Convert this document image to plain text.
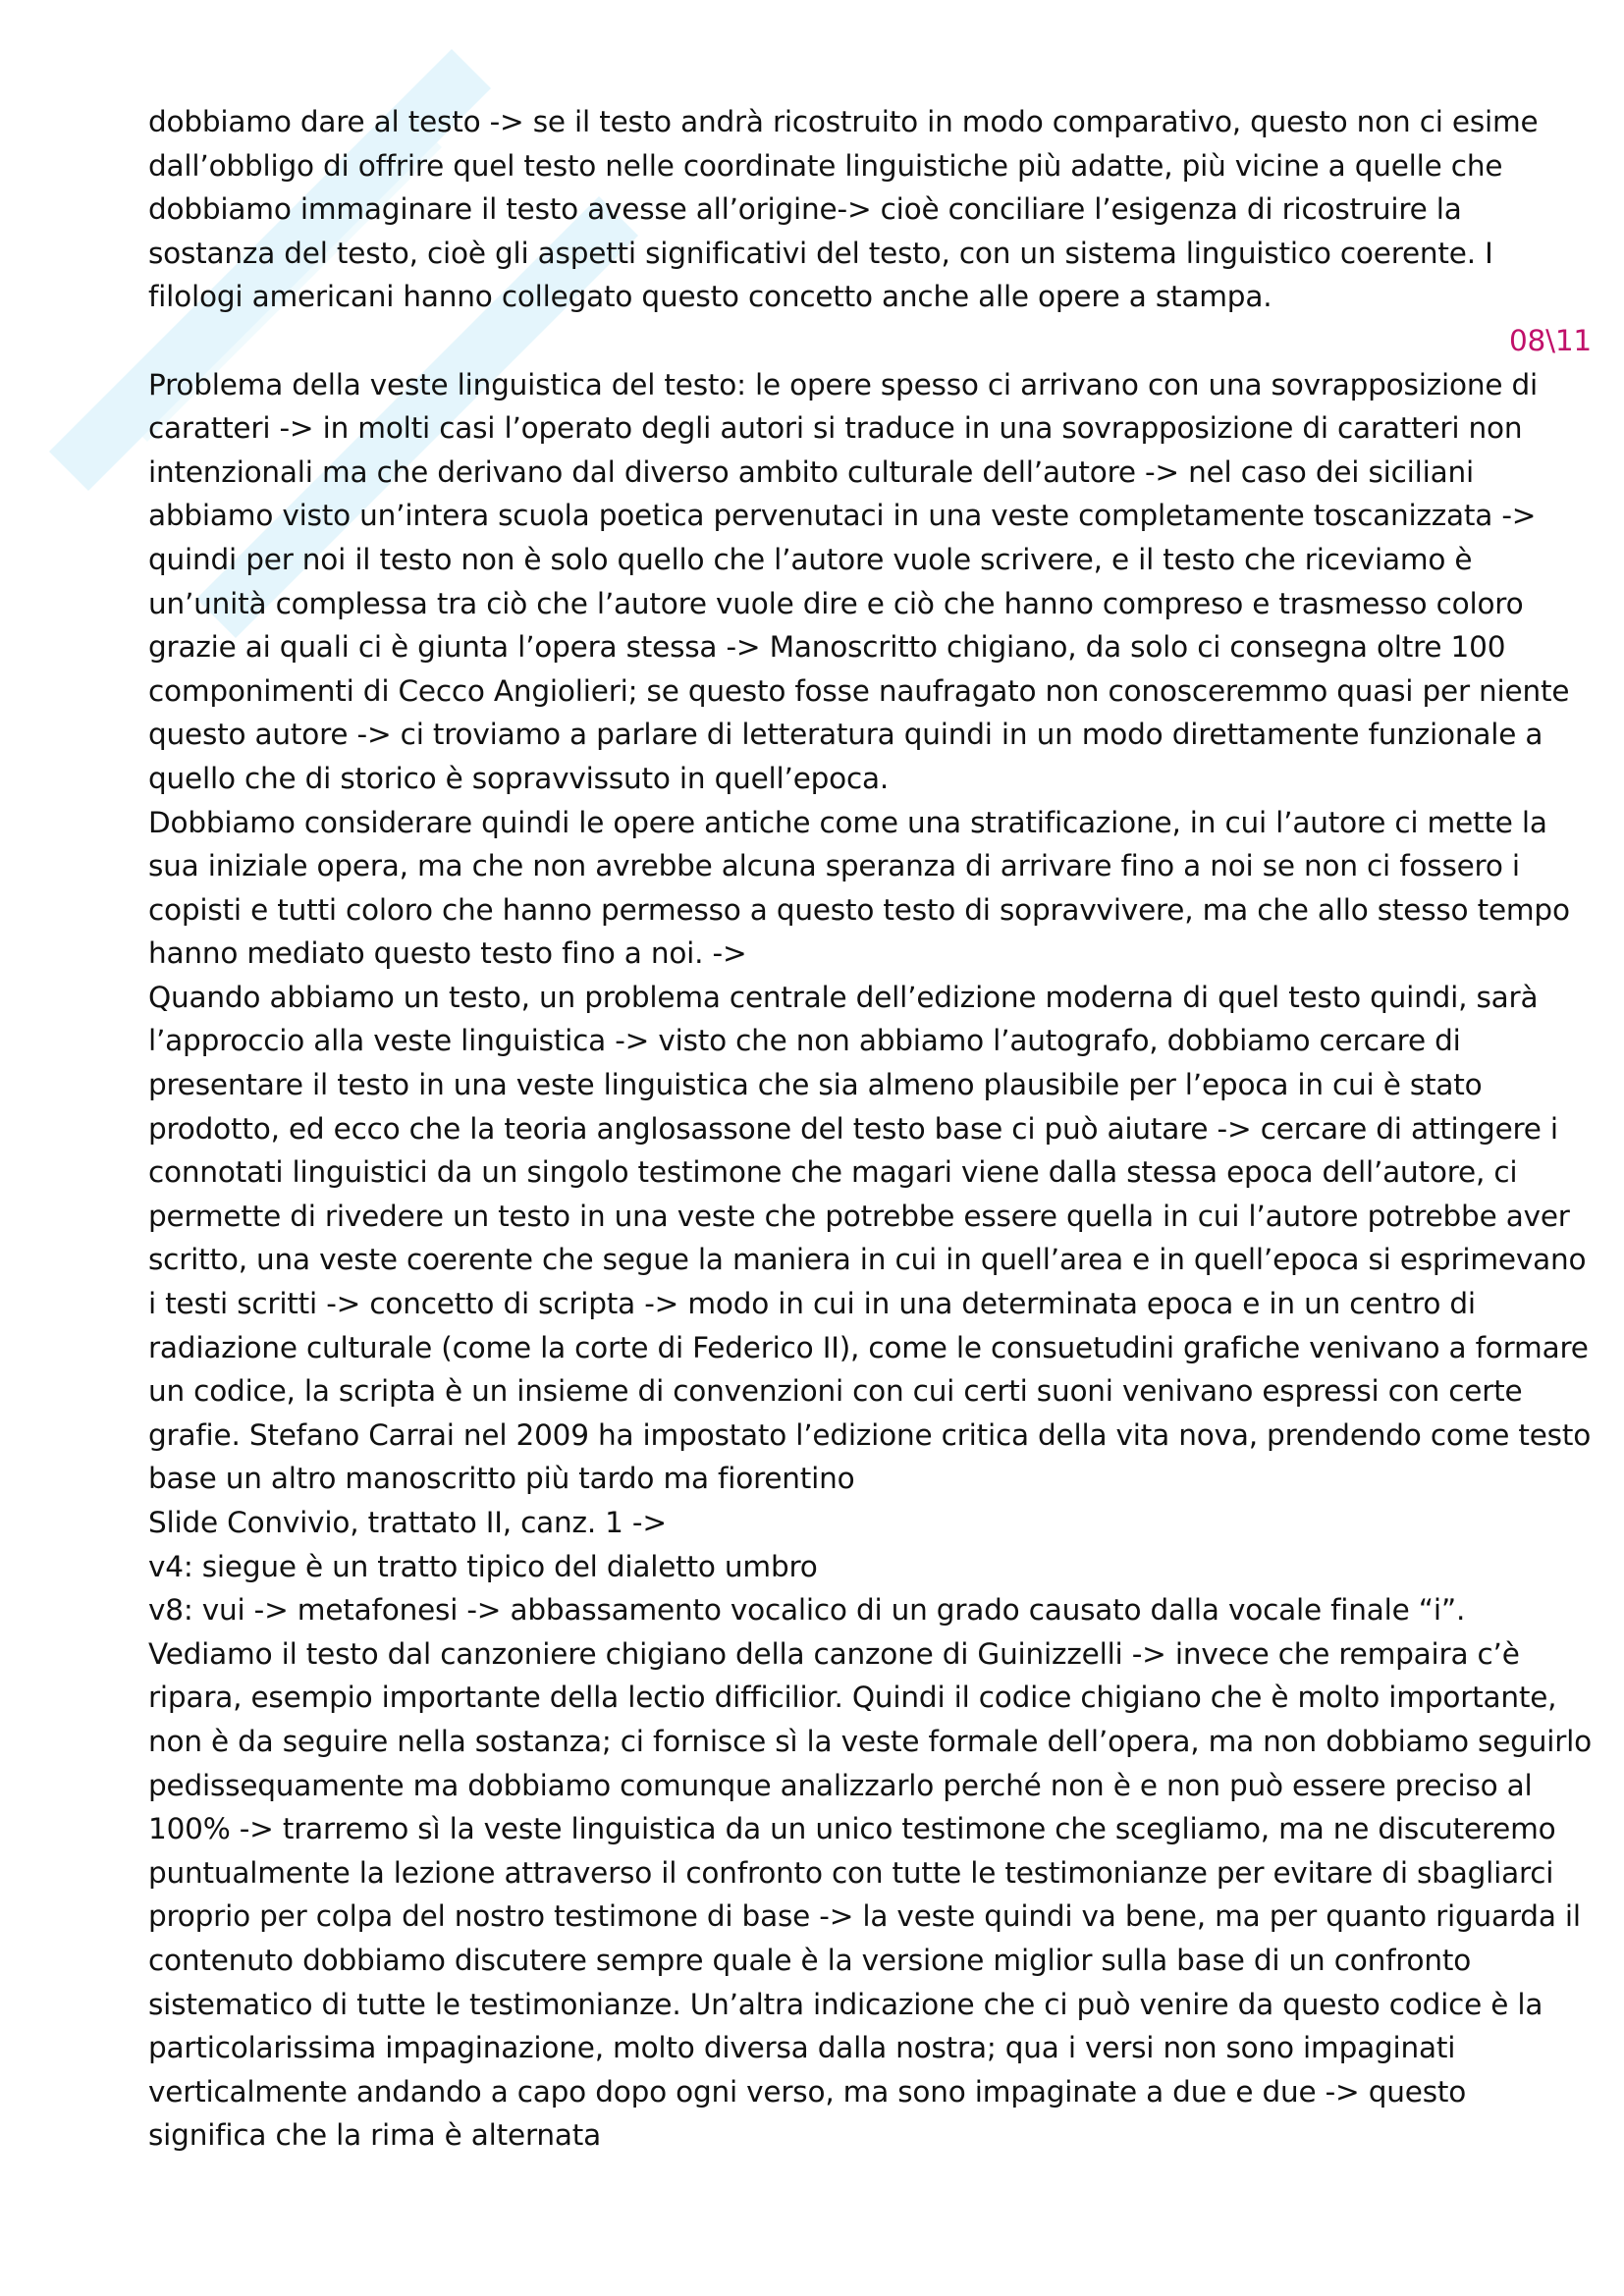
dobbiamo dare al testo -> se il testo andrà ricostruito in modo comparativo, questo non ci esime dall’obbligo di offrire quel testo nelle coordinate linguistiche più adatte, più vicine a quelle che dobbiamo immaginare il testo avesse all’origine-> cioè conciliare l’esigenza di ricostruire la sostanza del testo, cioè gli aspetti significativi del testo, con un sistema linguistico coerente. I filologi americani hanno collegato questo concetto anche alle opere a stampa.

08\11

Problema della veste linguistica del testo: le opere spesso ci arrivano con una sovrapposizione di caratteri -> in molti casi l’operato degli autori si traduce in una sovrapposizione di caratteri non intenzionali ma che derivano dal diverso ambito culturale dell’autore -> nel caso dei siciliani abbiamo visto un’intera scuola poetica pervenutaci in una veste completamente toscanizzata -> quindi per noi il testo non è solo quello che l’autore vuole scrivere, e il testo che riceviamo è un’unità complessa tra ciò che l’autore vuole dire e ciò che hanno compreso e trasmesso coloro grazie ai quali ci è giunta l’opera stessa -> Manoscritto chigiano, da solo ci consegna oltre 100 componimenti di Cecco Angiolieri; se questo fosse naufragato non conosceremmo quasi per niente questo autore -> ci troviamo a parlare di letteratura quindi in un modo direttamente funzionale a quello che di storico è sopravvissuto in quell’epoca.

Dobbiamo considerare quindi le opere antiche come una stratificazione, in cui l’autore ci mette la sua iniziale opera, ma che non avrebbe alcuna speranza di arrivare fino a noi se non ci fossero i copisti e tutti coloro che hanno permesso a questo testo di sopravvivere, ma che allo stesso tempo hanno mediato questo testo fino a noi. ->

Quando abbiamo un testo, un problema centrale dell’edizione moderna di quel testo quindi, sarà l’approccio alla veste linguistica -> visto che non abbiamo l’autografo, dobbiamo cercare di presentare il testo in una veste linguistica che sia almeno plausibile per l’epoca in cui è stato prodotto, ed ecco che la teoria anglosassone del testo base ci può aiutare -> cercare di attingere i connotati linguistici da un singolo testimone che magari viene dalla stessa epoca dell’autore, ci permette di rivedere un testo in una veste che potrebbe essere quella in cui l’autore potrebbe aver scritto, una veste coerente che segue la maniera in cui in quell’area e in quell’epoca si esprimevano i testi scritti -> concetto di scripta -> modo in cui in una determinata epoca e in un centro di radiazione culturale (come la corte di Federico II), come le consuetudini grafiche venivano a formare un codice, la scripta è un insieme di convenzioni con cui certi suoni venivano espressi con certe grafie. Stefano Carrai nel 2009 ha impostato l’edizione critica della vita nova, prendendo come testo base un altro manoscritto più tardo ma fiorentino

Slide Convivio, trattato II, canz. 1 ->

v4: siegue è un tratto tipico del dialetto umbro

v8: vui -> metafonesi -> abbassamento vocalico di un grado causato dalla vocale finale “i”.

Vediamo il testo dal canzoniere chigiano della canzone di Guinizzelli -> invece che rempaira c’è ripara, esempio importante della lectio difficilior. Quindi il codice chigiano che è molto importante, non è da seguire nella sostanza; ci fornisce sì la veste formale dell’opera, ma non dobbiamo seguirlo pedissequamente ma dobbiamo comunque analizzarlo perché non è e non può essere preciso al 100% -> trarremo sì la veste linguistica da un unico testimone che scegliamo, ma ne discuteremo puntualmente la lezione attraverso il confronto con tutte le testimonianze per evitare di sbagliarci proprio per colpa del nostro testimone di base -> la veste quindi va bene, ma per quanto riguarda il contenuto dobbiamo discutere sempre quale è la versione miglior sulla base di un confronto sistematico di tutte le testimonianze. Un’altra indicazione che ci può venire da questo codice è la particolarissima impaginazione, molto diversa dalla nostra; qua i versi non sono impaginati verticalmente andando a capo dopo ogni verso, ma sono impaginate a due e due -> questo significa che la rima è alternata
